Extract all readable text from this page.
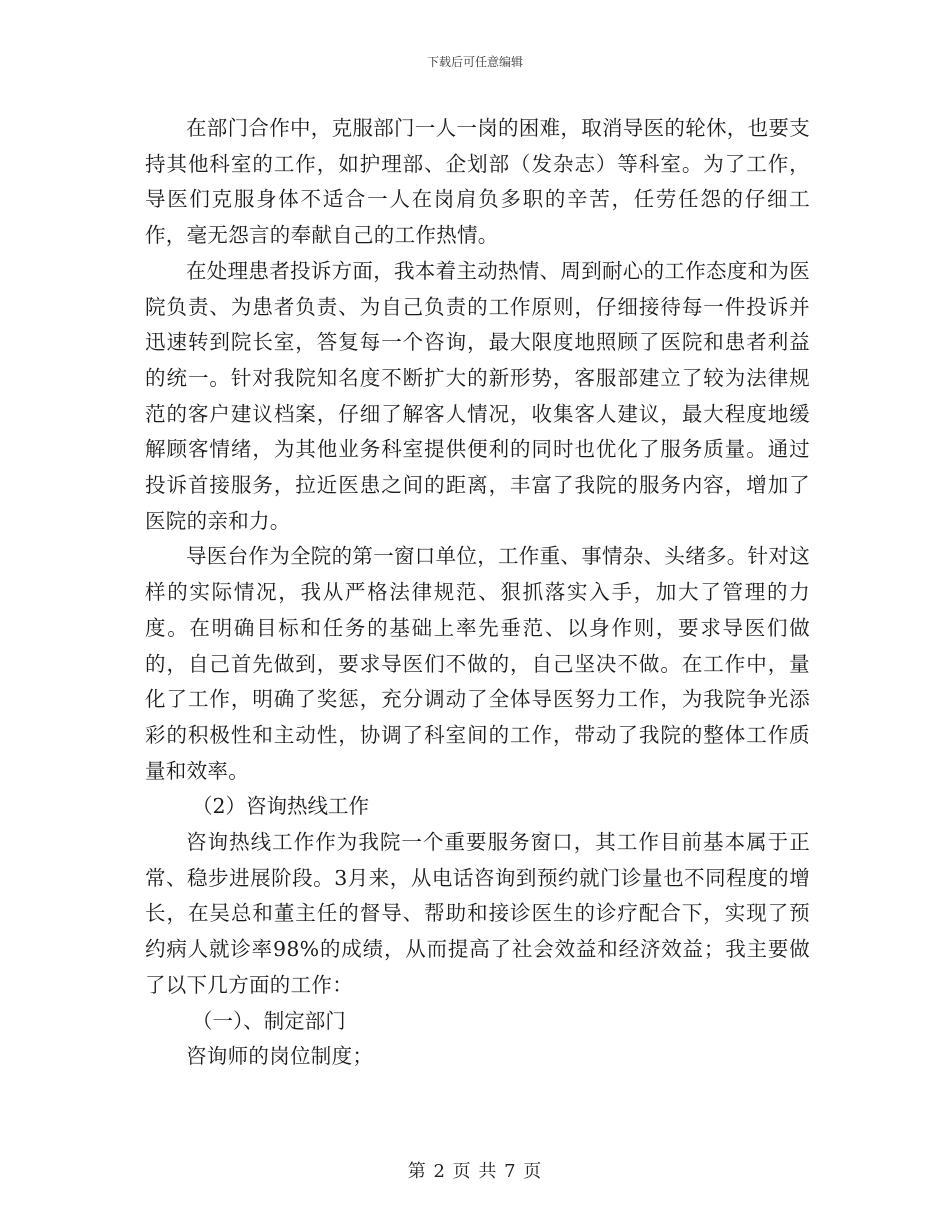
下载后可任意编辑

在部门合作中，克服部门一人一岗的困难，取消导医的轮休，也要支持其他科室的工作，如护理部、企划部（发杂志）等科室。为了工作，导医们克服身体不适合一人在岗肩负多职的辛苦，任劳任怨的仔细工作，毫无怨言的奉献自己的工作热情。

在处理患者投诉方面，我本着主动热情、周到耐心的工作态度和为医院负责、为患者负责、为自己负责的工作原则，仔细接待每一件投诉并迅速转到院长室，答复每一个咨询，最大限度地照顾了医院和患者利益的统一。针对我院知名度不断扩大的新形势，客服部建立了较为法律规范的客户建议档案，仔细了解客人情况，收集客人建议，最大程度地缓解顾客情绪，为其他业务科室提供便利的同时也优化了服务质量。通过投诉首接服务，拉近医患之间的距离，丰富了我院的服务内容，增加了医院的亲和力。

导医台作为全院的第一窗口单位，工作重、事情杂、头绪多。针对这样的实际情况，我从严格法律规范、狠抓落实入手，加大了管理的力度。在明确目标和任务的基础上率先垂范、以身作则，要求导医们做的，自己首先做到，要求导医们不做的，自己坚决不做。在工作中，量化了工作，明确了奖惩，充分调动了全体导医努力工作，为我院争光添彩的积极性和主动性，协调了科室间的工作，带动了我院的整体工作质量和效率。

（2）咨询热线工作

咨询热线工作作为我院一个重要服务窗口，其工作目前基本属于正常、稳步进展阶段。3月来，从电话咨询到预约就门诊量也不同程度的增长，在吴总和董主任的督导、帮助和接诊医生的诊疗配合下，实现了预约病人就诊率98%的成绩，从而提高了社会效益和经济效益；我主要做了以下几方面的工作：

（一）、制定部门

咨询师的岗位制度；

第 2 页 共 7 页
